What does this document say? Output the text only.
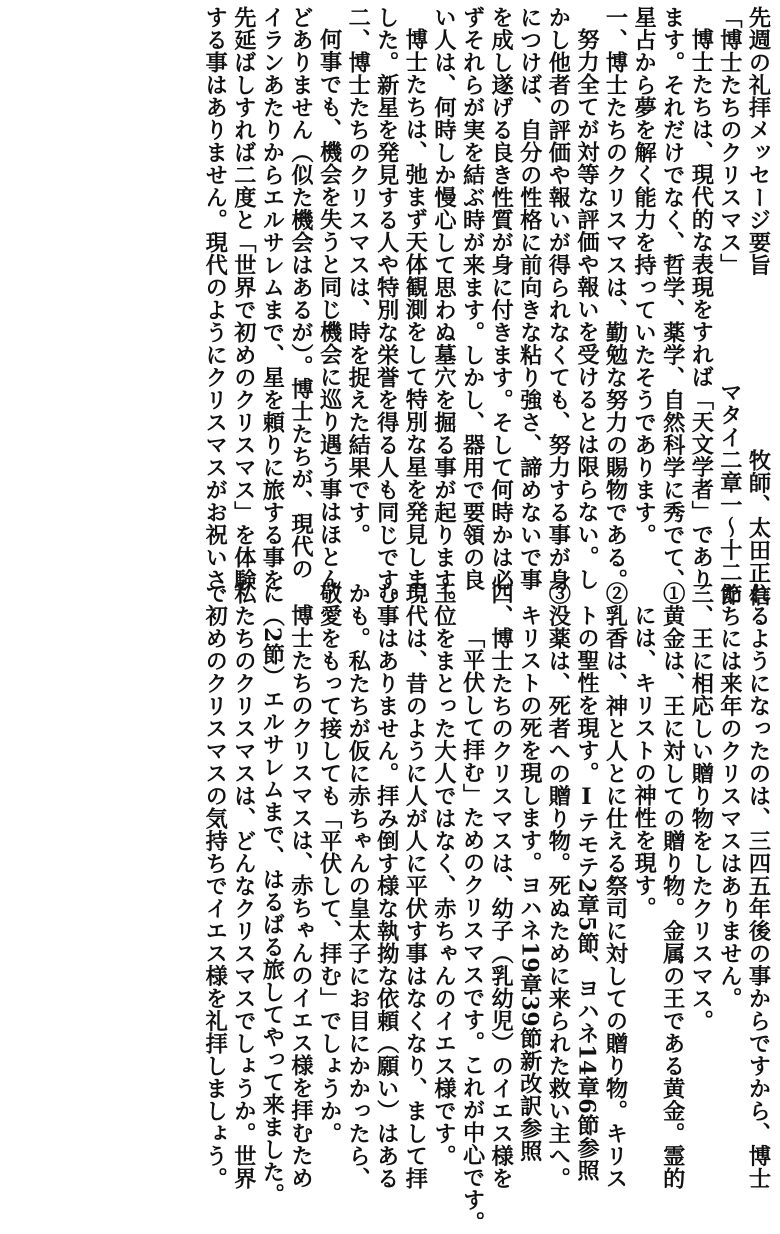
先週の礼拝メッセージ要旨
牧師、太田正信
「博士たちのクリスマス」
マタイ二章一～十二節
博士たちは、現代的な表現をすれば「天文学者」であり
ます。それだけでなく、哲学、薬学、自然科学に秀でて、
星占から夢を解く能力を持っていたそうであります。
一、博士たちのクリスマスは、勤勉な努力の賜物である。
努力全てが対等な評価や報いを受けるとは限らない。し
かし他者の評価や報いが得られなくても、努力する事が身
につけば、自分の性格に前向きな粘り強さ、諦めないで事
を成し遂げる良き性質が身に付きます。そして何時かは必
ずそれらが実を結ぶ時が来ます。しかし、器用で要領の良
い人は、何時しか慢心して思わぬ墓穴を掘る事が起ります。
博士たちは、弛まず天体観測をして特別な星を発見しま
した。新星を発見する人や特別な栄誉を得る人も同じです。
二、博士たちのクリスマスは、時を捉えた結果です。
何事でも、機会を失うと同じ機会に巡り遇う事はほとん
どありません（似た機会はあるが）。博士たちが、現代の
イランあたりからエルサレムまで、星を頼りに旅する事を
先延ばしすれば二度と「世界で初めのクリスマス」を体験
する事はありません。現代のようにクリスマスがお祝いさ
れるようになったのは、三四五年後の事からですから、博士
たちには来年のクリスマスはありません。
三、王に相応しい贈り物をしたクリスマス。
①黄金は、王に対しての贈り物。金属の王である黄金。霊的
には、キリストの神性を現す。
②乳香は、神と人とに仕える祭司に対しての贈り物。キリス
トの聖性を現す。Ⅰテモテ2章5節、ヨハネ14章6節参照
③没薬は、死者への贈り物。死ぬために来られた救い主へ。
キリストの死を現します。ヨハネ19章39節新改訳参照
四、博士たちのクリスマスは、幼子（乳幼児）のイエス様を
「平伏して拝む」ためのクリスマスです。これが中心です。
王位をまとった大人ではなく、赤ちゃんのイエス様です。
現代は、昔のように人が人に平伏す事はなくなり、まして拝
む事はありません。拝み倒す様な執拗な依頼（願い）はある
かも。私たちが仮に赤ちゃんの皇太子にお目にかかったら、
敬愛をもって接しても「平伏して、拝む」でしょうか。
博士たちのクリスマスは、赤ちゃんのイエス様を拝むため
に（2節）エルサレムまで、はるばる旅してやって来ました。
私たちのクリスマスは、どんなクリスマスでしょうか。世界
で初めのクリスマスの気持ちでイエス様を礼拝しましょう。
